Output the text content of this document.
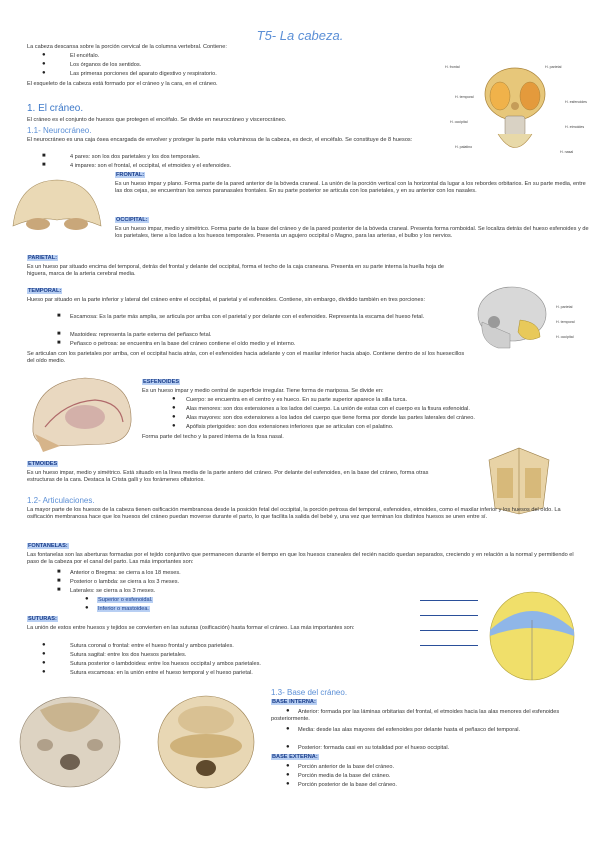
T5- La cabeza.
La cabeza descansa sobre la porción cervical de la columna vertebral. Contiene:
●	El encéfalo.
●	Los órganos de los sentidos.
●	Las primeras porciones del aparato digestivo y respiratorio.
El esqueleto de la cabeza está formado por el cráneo y la cara, en el cráneo.
H. frontal	H. parietal
H. temporal
H. esfenoides
H. occipital
H. etmoides
H. palatino
H. nasal
1. El cráneo.
El cráneo es el conjunto de huesos que protegen el encéfalo. Se divide en neurocráneo y viscerocráneo.
1.1- Neurocráneo.
El neurocráneo es una caja ósea encargada de envolver y proteger la parte más voluminosa de la cabeza, es decir, el encéfalo. Se constituye de 8 huesos:
■	4 pares: son los dos parietales y los dos temporales.
■	4 impares: son el frontal, el occipital, el etmoides y el esfenoides.
FRONTAL:
Es un hueso impar y plano. Forma parte de la pared anterior de la bóveda craneal. La unión de la porción vertical con la horizontal da lugar a los rebordes orbitarios. En su parte media, entre las dos cejas, se encuentran los senos paranasales frontales. En su parte posterior se articula con los parietales, y en su anterior con los nasales.
OCCIPITAL:
Es un hueso impar, medio y simétrico. Forma parte de la base del cráneo y de la pared posterior de la bóveda craneal. Presenta forma romboidal. Se localiza detrás del hueso esfenoides y de los parietales, tiene a los lados a los huesos temporales. Presenta un agujero occipital o Magno, para las arterias, el bulbo y los nervios.
PARIETAL:
Es un hueso par situado encima del temporal, detrás del frontal y delante del occipital, forma el techo de la caja craneana. Presenta en su parte interna la huella hoja de higuera, marca de la arteria cerebral media.
H. parietal
H. temporal
H. occipital
TEMPORAL:
Hueso par situado en la parte inferior y lateral del cráneo entre el occipital, el parietal y el esfenoides. Contiene, sin embargo, dividido también en tres porciones:
■ Escamosa: Es la parte más amplia, se articula por arriba con el parietal y por delante con el esfenoides. Representa la escama del hueso fetal.
■ Mastoidea: representa la parte externa del peñasco fetal.
■ Peñasco o petrosa: se encuentra en la base del cráneo contiene el oído medio y el interno.
Se articulan con los parietales por arriba, con el occipital hacia atrás, con el esfenoides hacia adelante y con el maxilar inferior hacia abajo. Contiene dentro de sí los huesecillos del oído medio.
ESFENOIDES
Es un hueso impar y medio central de superficie irregular. Tiene forma de mariposa. Se divide en:
● Cuerpo: se encuentra en el centro y es hueco. En su parte superior aparece la silla turca.
● Alas menores: son dos extensiones a los lados del cuerpo. La unión de estas con el cuerpo es la fisura esfenoidal.
● Alas mayores: son dos extensiones a los lados del cuerpo que tiene forma por donde las partes laterales del cráneo.
● Apófisis pterigoides: son dos extensiones inferiores que se articulan con el palatino.
Forma parte del techo y la pared interna de la fosa nasal.
ETMOIDES
Es un hueso impar, medio y simétrico. Está situado en la línea media de la parte antero del cráneo. Por delante del esfenoides, en la base del cráneo, forma otras estructuras de la cara. Destaca la Crista galli y los forámenes olfatorios.
1.2- Articulaciones.
La mayor parte de los huesos de la cabeza tienen osificación membranosa desde la posición fetal del occipital, la porción petrosa del temporal, esfenoides, etmoides, como el maxilar inferior y los huesos del oído. La osificación membranosa hace que los huesos del cráneo puedan moverse durante el parto, lo que facilita la salida del bebé y, una vez que terminan los distintos huesos se unen entre sí.
FONTANELAS:
Las fontanelas son las aberturas formadas por el tejido conjuntivo que permanecen durante el tiempo en que los huesos craneales del recién nacido quedan separados, creciendo y en relación a la normal y permitiendo el paso de la cabeza por el canal del parto. Las más importantes son:
■ Anterior o Bregma: se cierra a los 18 meses.
■ Posterior o lambda: se cierra a los 3 meses.
■ Laterales: se cierra a los 3 meses.
● Superior o esfenoidal.
● Inferior o mastoidea.
SUTURAS:
La unión de estos entre huesos y tejidos se convierten en las suturas (osificación) hasta formar el cráneo. Las más importantes son:
●	Sutura coronal o frontal: entre el hueso frontal y ambos parietales.
●	Sutura sagital: entre los dos huesos parietales.
●	Sutura posterior o lambdoidea: entre los huesos occipital y ambos parietales.
●	Sutura escamosa: en la unión entre el hueso temporal y el hueso parietal.
1.3- Base del cráneo.
BASE INTERNA:
●	Anterior: formada por las láminas orbitarias del frontal, el etmoides hacia las alas menores del esfenoides posteriormente.
●	Media: desde las alas mayores del esfenoides por delante hasta el peñasco del temporal.
● Posterior: formada casi en su totalidad por el hueso occipital.
BASE EXTERNA:
● Porción anterior de la base del cráneo.
● Porción media de la base del cráneo.
● Porción posterior de la base del cráneo.
